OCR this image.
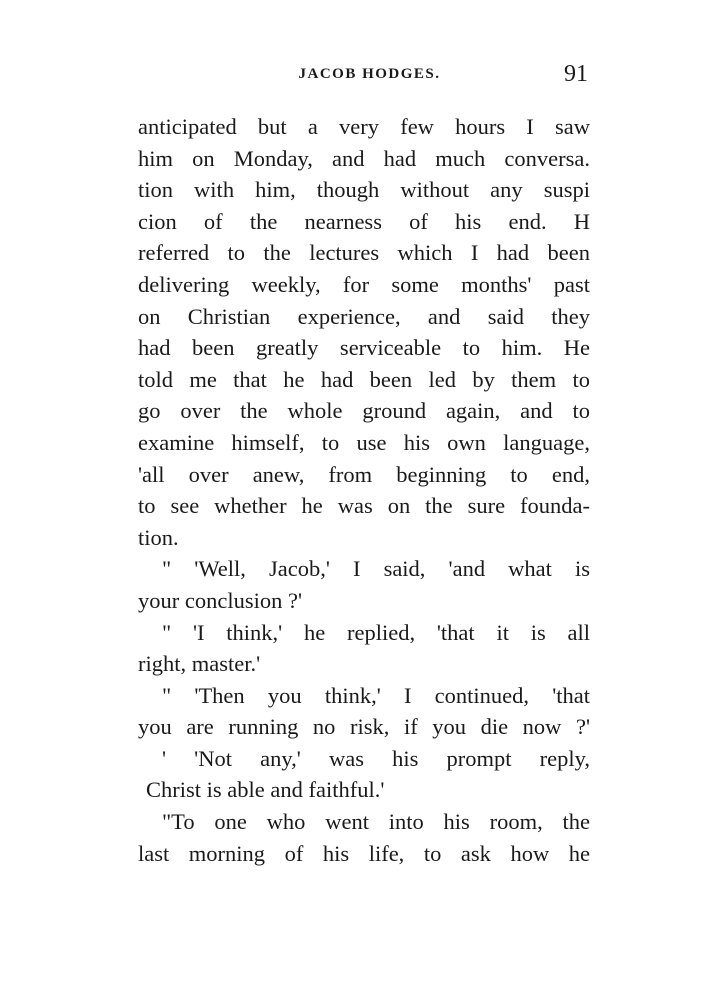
JACOB HODGES.	91
anticipated but a very few hours I saw
him on Monday, and had much conversa.
tion with him, though without any suspi
cion of the nearness of his end. H
referred to the lectures which I had been
delivering weekly, for some months' past
on Christian experience, and said they
had been greatly serviceable to him. He
told me that he had been led by them to
go over the whole ground again, and to
examine himself, to use his own language,
'all over anew, from beginning to end,
to see whether he was on the sure founda-
tion.
" 'Well, Jacob,' I said, 'and what is
your conclusion ?'
" 'I think,' he replied, 'that it is all
right, master.'
" 'Then you think,' I continued, 'that
you are running no risk, if you die now ?'
' 'Not any,' was his prompt reply,
Christ is able and faithful.'
"To one who went into his room, the
last morning of his life, to ask how he
